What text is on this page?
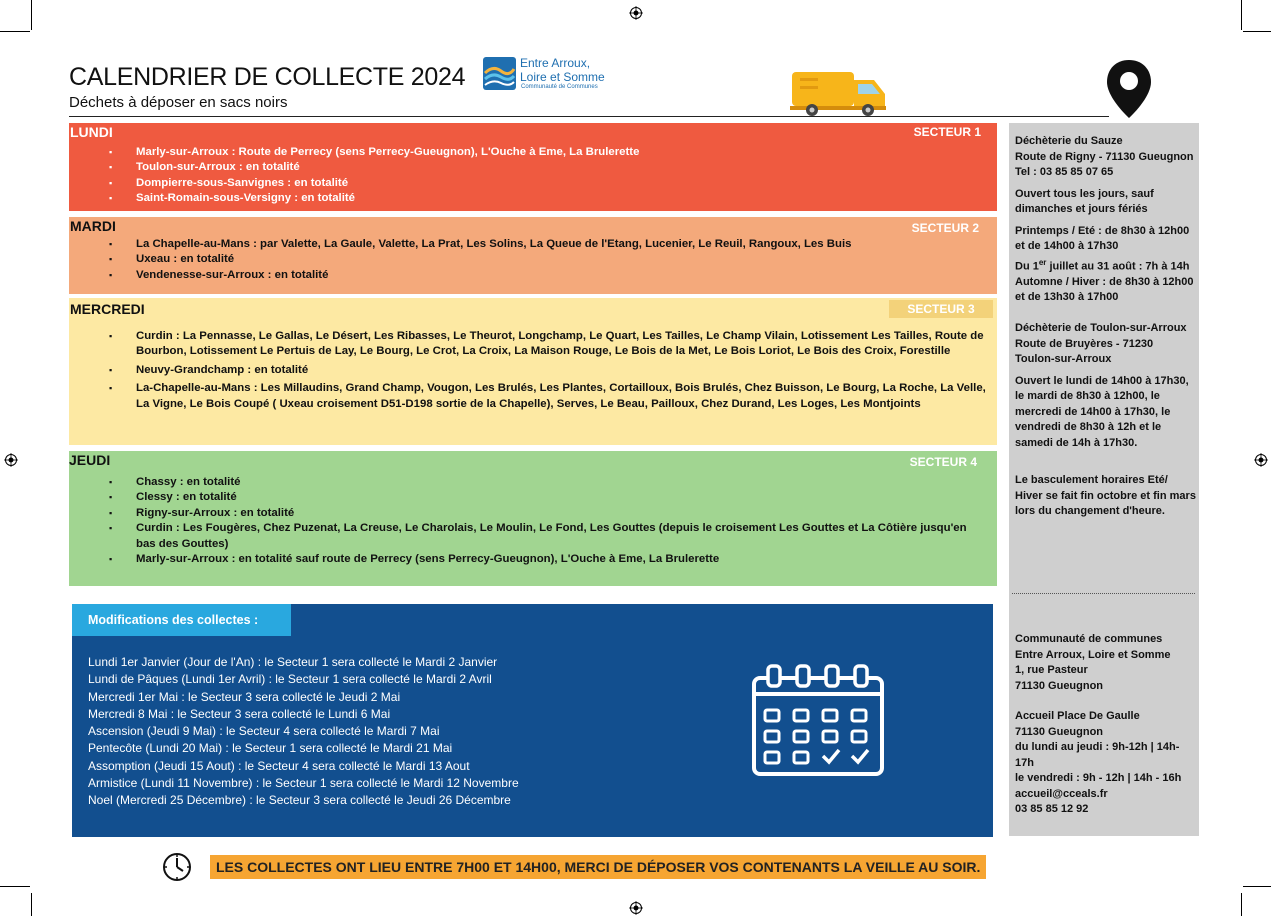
CALENDRIER DE COLLECTE 2024
Déchets à déposer en sacs noirs
Entre Arroux,
Loire et Somme
Communauté de Communes
LUNDI	SECTEUR 1
▪ Marly-sur-Arroux : Route de Perrecy (sens Perrecy-Gueugnon), L'Ouche à Eme, La Brulerette
▪ Toulon-sur-Arroux : en totalité
▪ Dompierre-sous-Sanvignes : en totalité
▪ Saint-Romain-sous-Versigny : en totalité
MARDI	SECTEUR 2
▪ La Chapelle-au-Mans : par Valette, La Gaule, Valette, La Prat, Les Solins, La Queue de l'Etang, Lucenier, Le Reuil, Rangoux, Les Buis
▪ Uxeau : en totalité
▪ Vendenesse-sur-Arroux : en totalité
MERCREDI	SECTEUR 3
▪ Curdin : La Pennasse, Le Gallas, Le Désert, Les Ribasses, Le Theurot, Longchamp, Le Quart, Les Tailles, Le Champ Vilain, Lotissement Les Tailles, Route de Bourbon, Lotissement Le Pertuis de Lay, Le Bourg, Le Crot, La Croix, La Maison Rouge, Le Bois de la Met, Le Bois Loriot, Le Bois des Croix, Forestille
▪ Neuvy-Grandchamp : en totalité
▪ La-Chapelle-au-Mans : Les Millaudins, Grand Champ, Vougon, Les Brulés, Les Plantes, Cortailloux, Bois Brulés, Chez Buisson, Le Bourg, La Roche, La Velle, La Vigne, Le Bois Coupé ( Uxeau croisement D51-D198 sortie de la Chapelle), Serves, Le Beau, Pailloux, Chez Durand, Les Loges, Les Montjoints
JEUDI	SECTEUR 4
▪ Chassy : en totalité
▪ Clessy : en totalité
▪ Rigny-sur-Arroux : en totalité
▪ Curdin : Les Fougères, Chez Puzenat, La Creuse, Le Charolais, Le Moulin, Le Fond, Les Gouttes (depuis le croisement Les Gouttes et La Côtière jusqu'en bas des Gouttes)
▪ Marly-sur-Arroux : en totalité sauf route de Perrecy (sens Perrecy-Gueugnon), L'Ouche à Eme, La Brulerette
Déchèterie du Sauze
Route de Rigny - 71130 Gueugnon
Tel : 03 85 85 07 65
Ouvert tous les jours, sauf dimanches et jours fériés
Printemps / Eté : de 8h30 à 12h00 et de 14h00 à 17h30
Du 1er juillet au 31 août : 7h à 14h
Automne / Hiver : de 8h30 à 12h00 et de 13h30 à 17h00
Déchèterie de Toulon-sur-Arroux
Route de Bruyères - 71230
Toulon-sur-Arroux
Ouvert le lundi de 14h00 à 17h30, le mardi de 8h30 à 12h00, le mercredi de 14h00 à 17h30, le vendredi de 8h30 à 12h et le samedi de 14h à 17h30.
Le basculement horaires Eté/ Hiver se fait fin octobre et fin mars lors du changement d'heure.
Communauté de communes
Entre Arroux, Loire et Somme
1, rue Pasteur
71130 Gueugnon
Accueil Place De Gaulle
71130 Gueugnon
du lundi au jeudi : 9h-12h | 14h-17h
le vendredi : 9h - 12h | 14h - 16h
accueil@cceals.fr
03 85 85 12 92
Modifications des collectes :
Lundi 1er Janvier (Jour de l'An) : le Secteur 1 sera collecté le Mardi 2 Janvier
Lundi de Pâques (Lundi 1er Avril) : le Secteur 1 sera collecté le Mardi 2 Avril
Mercredi 1er Mai : le Secteur 3 sera collecté le Jeudi 2 Mai
Mercredi 8 Mai : le Secteur 3 sera collecté le Lundi 6 Mai
Ascension (Jeudi 9 Mai) : le Secteur 4 sera collecté le Mardi 7 Mai
Pentecôte (Lundi 20 Mai) : le Secteur 1 sera collecté le Mardi 21 Mai
Assomption (Jeudi 15 Aout) : le Secteur 4 sera collecté le Mardi 13 Aout
Armistice (Lundi 11 Novembre) : le Secteur 1 sera collecté le Mardi 12 Novembre
Noel (Mercredi 25 Décembre) : le Secteur 3 sera collecté le Jeudi 26 Décembre
LES COLLECTES ONT LIEU ENTRE 7H00 ET 14H00, MERCI DE DÉPOSER VOS CONTENANTS LA VEILLE AU SOIR.
